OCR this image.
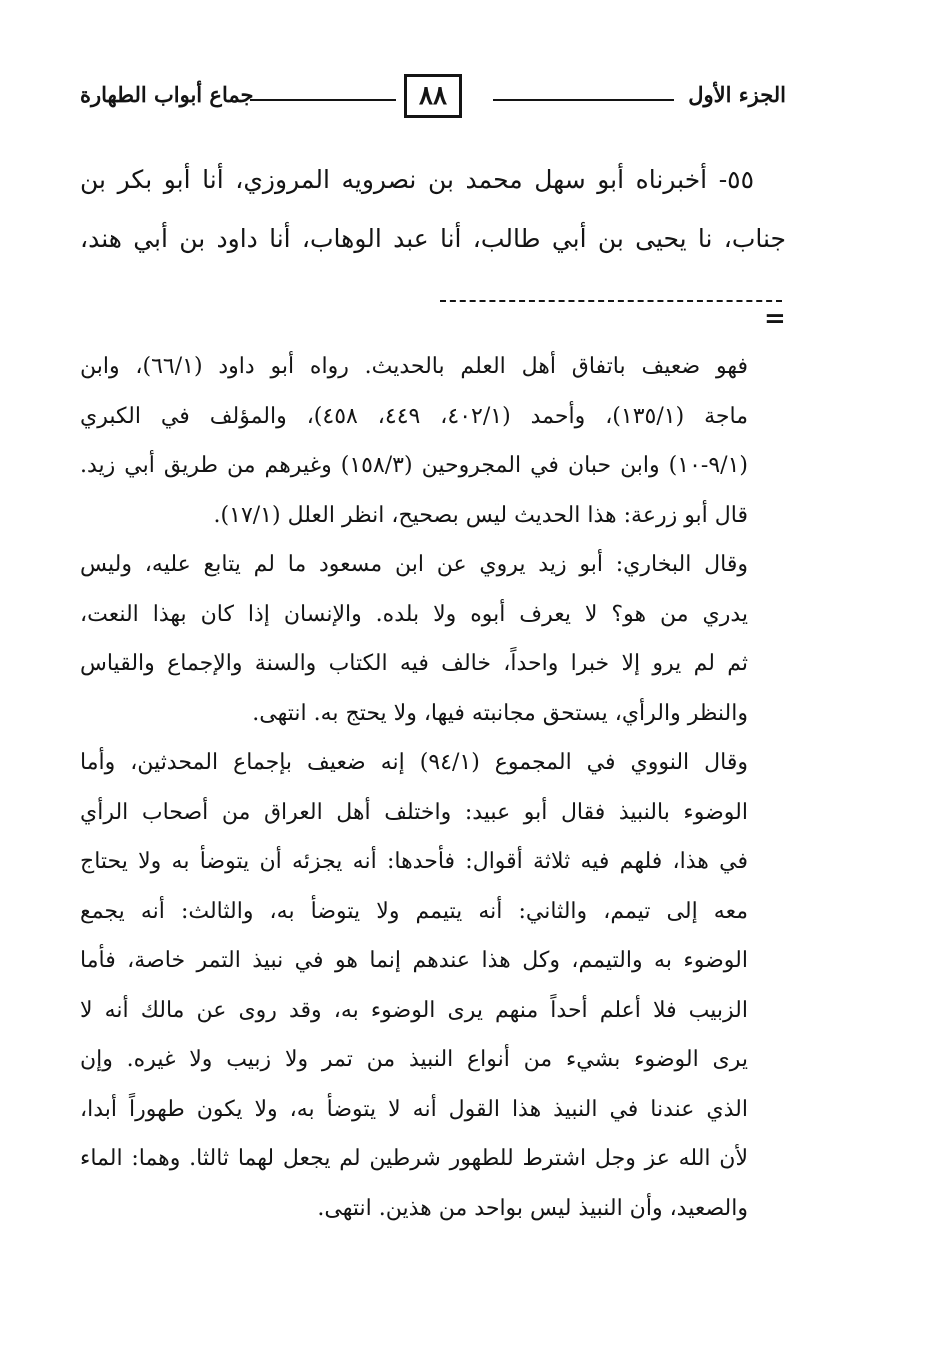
الجزء الأول
٨٨
جماع أبواب الطهارة
٥٥- أخبرناه أبو سهل محمد بن نصرويه المروزي، أنا أبو بكر بن
جناب، نا يحيى بن أبي طالب، أنا عبد الوهاب، أنا داود بن أبي هند،
=
فهو ضعيف باتفاق أهل العلم بالحديث. رواه أبو داود (٦٦/١)، وابن
ماجة (١٣٥/١)، وأحمد (٤٠٢/١، ٤٤٩، ٤٥٨)، والمؤلف في الكبري
(٩/١-١٠) وابن حبان في المجروحين (١٥٨/٣) وغيرهم من طريق أبي زيد.
قال أبو زرعة: هذا الحديث ليس بصحيح، انظر العلل (١٧/١).
وقال البخاري: أبو زيد يروي عن ابن مسعود ما لم يتابع عليه، وليس
يدري من هو؟ لا يعرف أبوه ولا بلده. والإنسان إذا كان بهذا النعت،
ثم لم يرو إلا خبرا واحداً، خالف فيه الكتاب والسنة والإجماع والقياس
والنظر والرأي، يستحق مجانبته فيها، ولا يحتج به. انتهى.
وقال النووي في المجموع (٩٤/١) إنه ضعيف بإجماع المحدثين، وأما
الوضوء بالنبيذ فقال أبو عبيد: واختلف أهل العراق من أصحاب الرأي
في هذا، فلهم فيه ثلاثة أقوال: فأحدها: أنه يجزئه أن يتوضأ به ولا يحتاج
معه إلى تيمم، والثاني: أنه يتيمم ولا يتوضأ به، والثالث: أنه يجمع
الوضوء به والتيمم، وكل هذا عندهم إنما هو في نبيذ التمر خاصة، فأما
الزبيب فلا أعلم أحداً منهم يرى الوضوء به، وقد روى عن مالك أنه لا
يرى الوضوء بشيء من أنواع النبيذ من تمر ولا زبيب ولا غيره. وإن
الذي عندنا في النبيذ هذا القول أنه لا يتوضأ به، ولا يكون طهوراً أبدا،
لأن الله عز وجل اشترط للطهور شرطين لم يجعل لهما ثالثا. وهما: الماء
والصعيد، وأن النبيذ ليس بواحد من هذين. انتهى.
